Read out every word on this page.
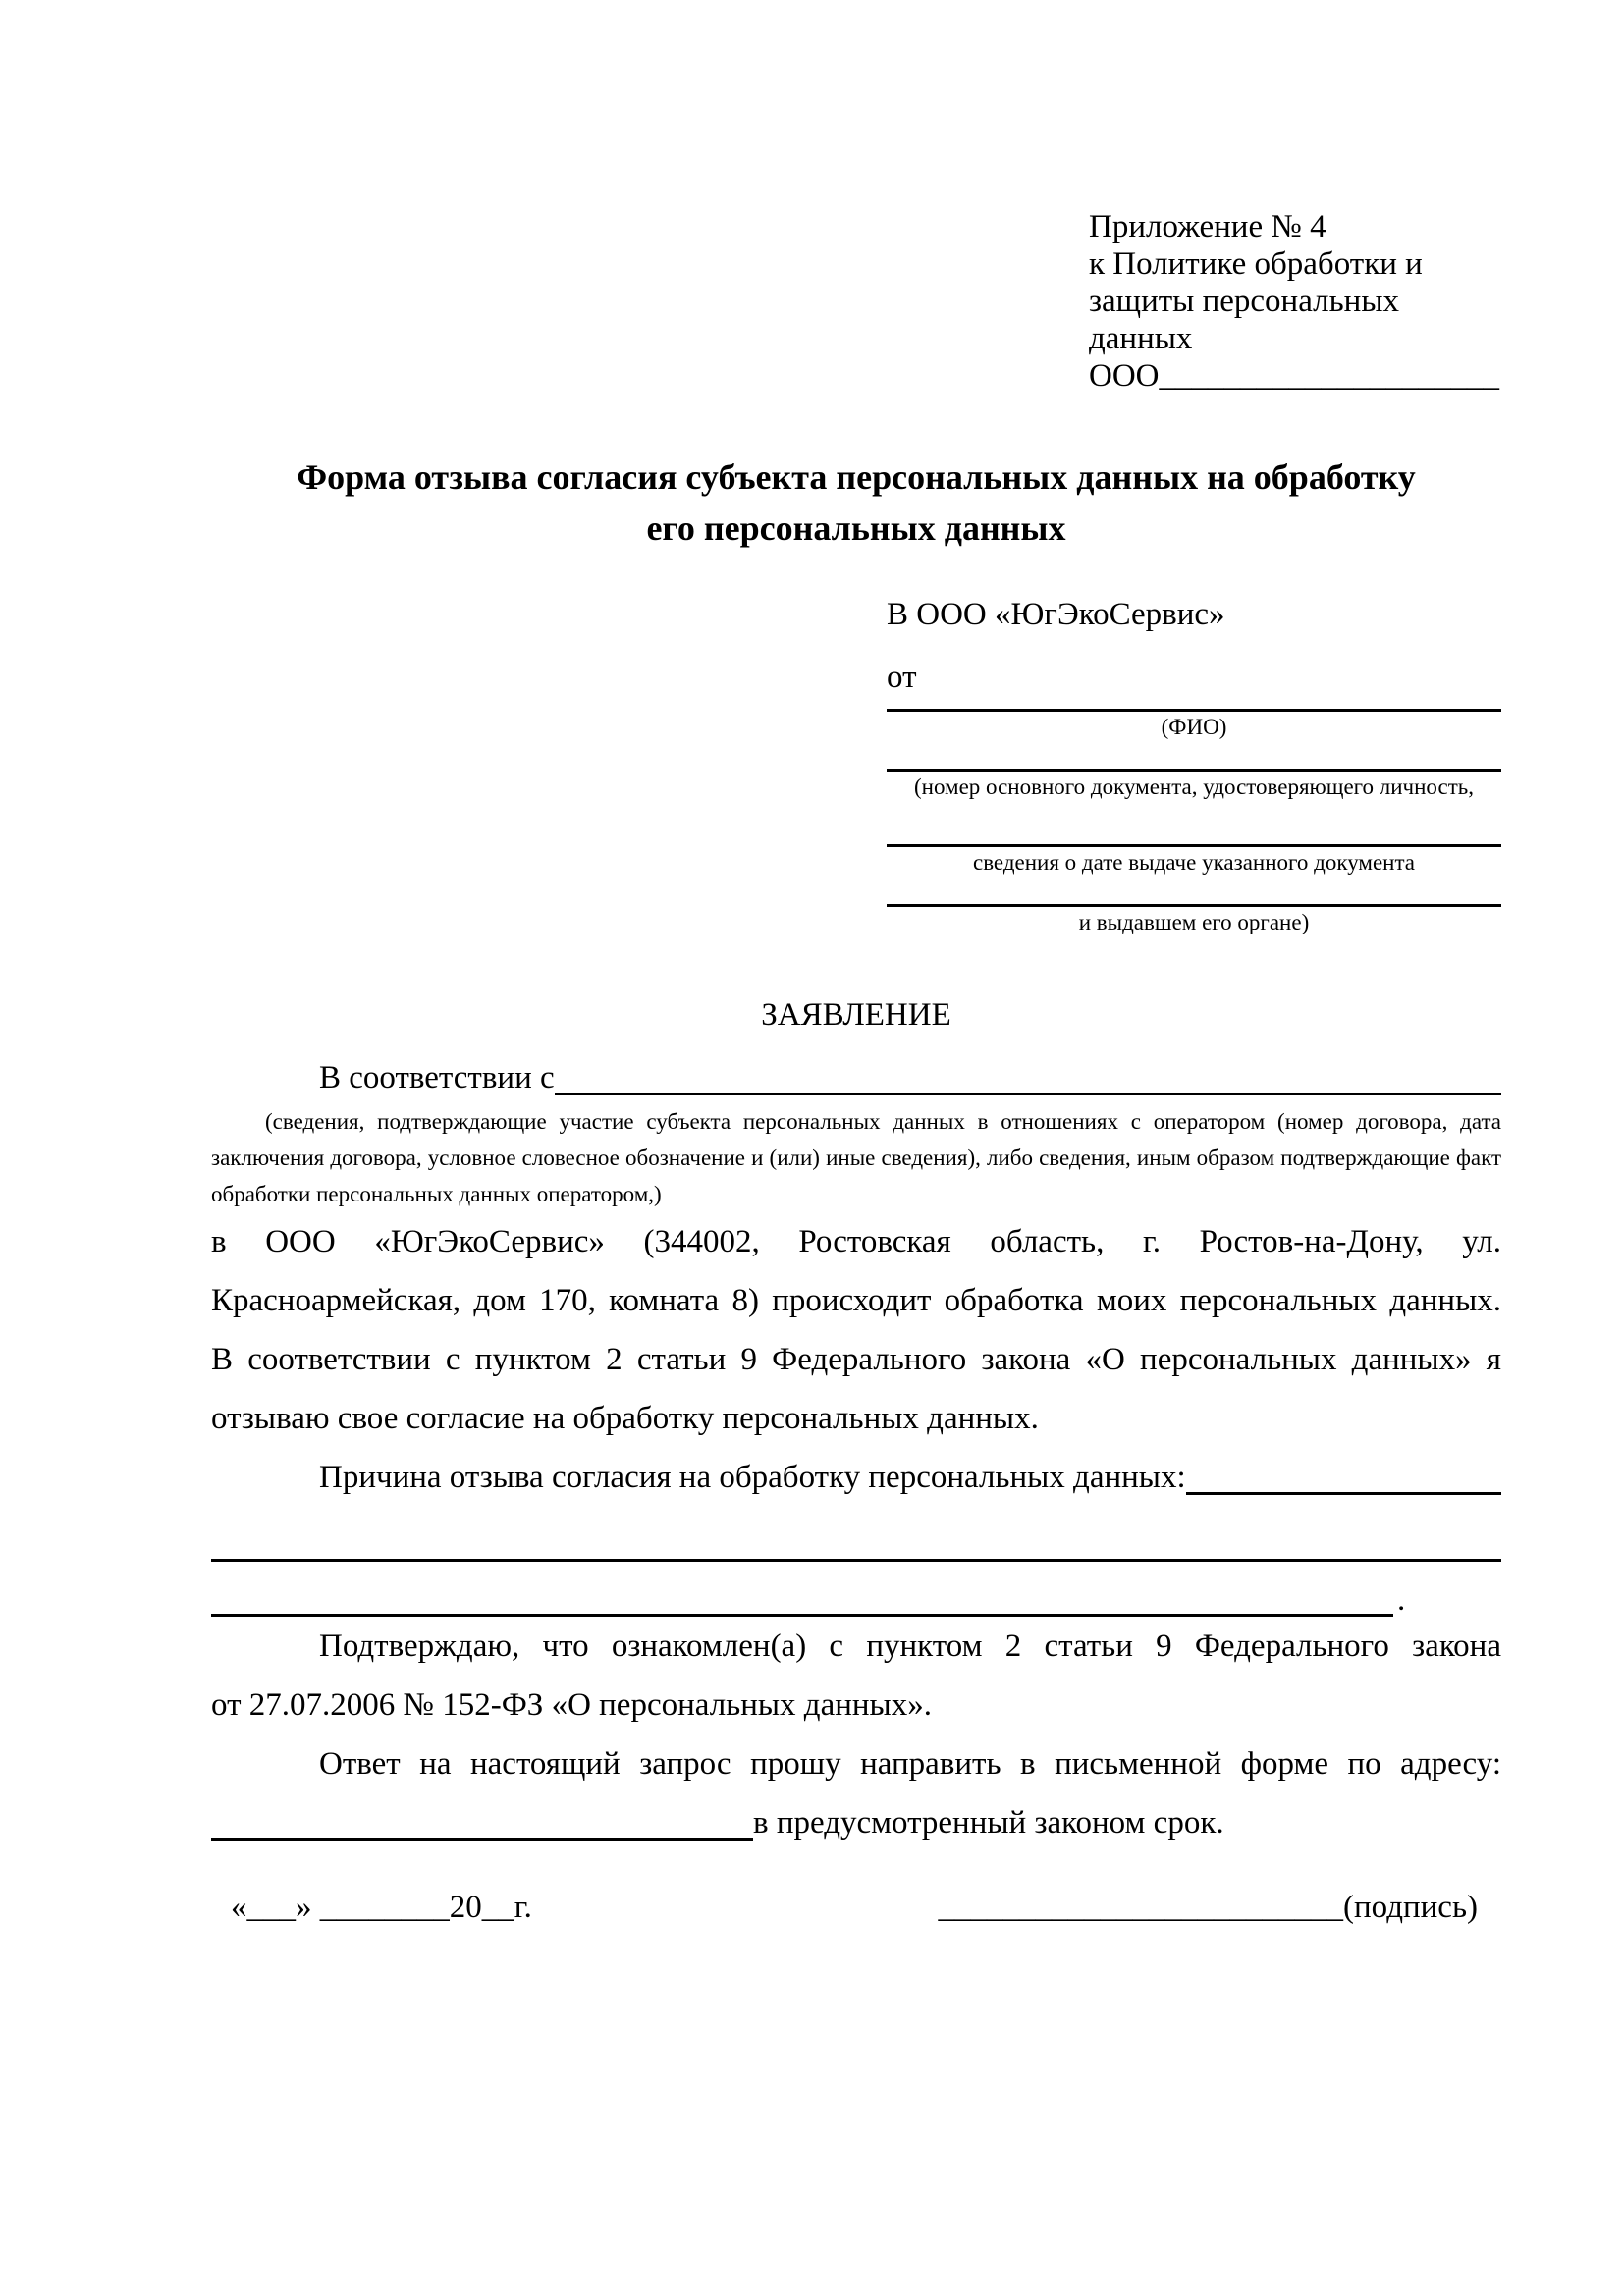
Приложение № 4
к Политике обработки и
защиты персональных данных
ООО_____________________
Форма отзыва согласия субъекта персональных данных на обработку
его персональных данных
В ООО «ЮгЭкоСервис»
от
(ФИО)
(номер основного документа, удостоверяющего личность,
сведения о дате выдаче указанного документа
и выдавшем его органе)
ЗАЯВЛЕНИЕ
В соответствии с
(сведения, подтверждающие участие субъекта персональных данных в отношениях с оператором (номер договора, дата
заключения договора, условное словесное обозначение и (или) иные сведения), либо сведения, иным образом подтверждающие факт
обработки персональных данных оператором,)
в ООО «ЮгЭкоСервис» (344002, Ростовская область, г. Ростов-на-Дону, ул.
Красноармейская, дом 170, комната 8) происходит обработка моих персональных данных.
В соответствии с пунктом 2 статьи 9 Федерального закона «О персональных данных» я
отзываю свое согласие на обработку персональных данных.
Причина отзыва согласия на обработку персональных данных:
.
Подтверждаю, что ознакомлен(а) с пунктом 2 статьи 9 Федерального закона
от 27.07.2006 № 152-ФЗ «О персональных данных».
Ответ на настоящий запрос прошу направить в письменной форме по адресу:
в предусмотренный законом срок.
«___» ________20__г.	_________________________(подпись)
